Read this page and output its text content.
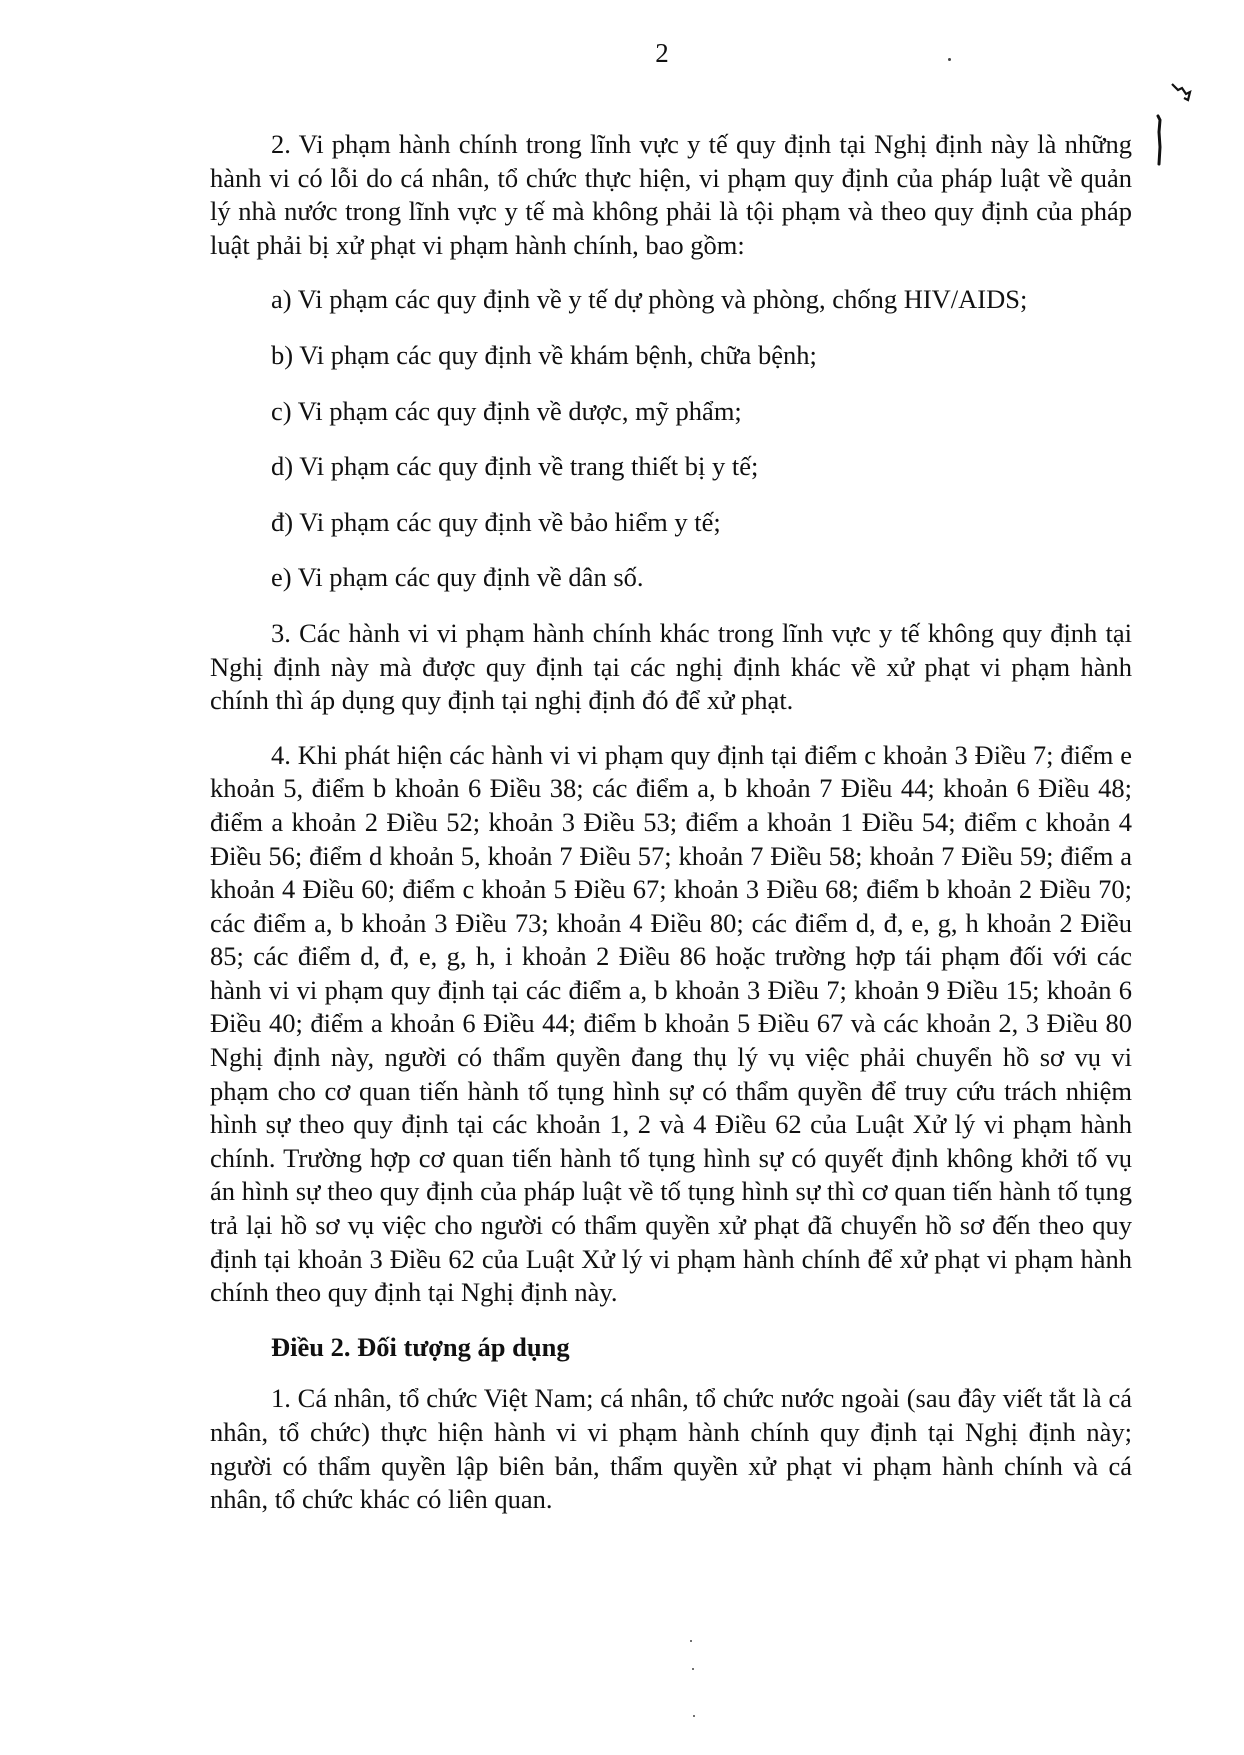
2

2. Vi phạm hành chính trong lĩnh vực y tế quy định tại Nghị định này là những hành vi có lỗi do cá nhân, tổ chức thực hiện, vi phạm quy định của pháp luật về quản lý nhà nước trong lĩnh vực y tế mà không phải là tội phạm và theo quy định của pháp luật phải bị xử phạt vi phạm hành chính, bao gồm:

a) Vi phạm các quy định về y tế dự phòng và phòng, chống HIV/AIDS;
b) Vi phạm các quy định về khám bệnh, chữa bệnh;
c) Vi phạm các quy định về dược, mỹ phẩm;
d) Vi phạm các quy định về trang thiết bị y tế;
đ) Vi phạm các quy định về bảo hiểm y tế;
e) Vi phạm các quy định về dân số.

3. Các hành vi vi phạm hành chính khác trong lĩnh vực y tế không quy định tại Nghị định này mà được quy định tại các nghị định khác về xử phạt vi phạm hành chính thì áp dụng quy định tại nghị định đó để xử phạt.

4. Khi phát hiện các hành vi vi phạm quy định tại điểm c khoản 3 Điều 7; điểm e khoản 5, điểm b khoản 6 Điều 38; các điểm a, b khoản 7 Điều 44; khoản 6 Điều 48; điểm a khoản 2 Điều 52; khoản 3 Điều 53; điểm a khoản 1 Điều 54; điểm c khoản 4 Điều 56; điểm d khoản 5, khoản 7 Điều 57; khoản 7 Điều 58; khoản 7 Điều 59; điểm a khoản 4 Điều 60; điểm c khoản 5 Điều 67; khoản 3 Điều 68; điểm b khoản 2 Điều 70; các điểm a, b khoản 3 Điều 73; khoản 4 Điều 80; các điểm d, đ, e, g, h khoản 2 Điều 85; các điểm d, đ, e, g, h, i khoản 2 Điều 86 hoặc trường hợp tái phạm đối với các hành vi vi phạm quy định tại các điểm a, b khoản 3 Điều 7; khoản 9 Điều 15; khoản 6 Điều 40; điểm a khoản 6 Điều 44; điểm b khoản 5 Điều 67 và các khoản 2, 3 Điều 80 Nghị định này, người có thẩm quyền đang thụ lý vụ việc phải chuyển hồ sơ vụ vi phạm cho cơ quan tiến hành tố tụng hình sự có thẩm quyền để truy cứu trách nhiệm hình sự theo quy định tại các khoản 1, 2 và 4 Điều 62 của Luật Xử lý vi phạm hành chính. Trường hợp cơ quan tiến hành tố tụng hình sự có quyết định không khởi tố vụ án hình sự theo quy định của pháp luật về tố tụng hình sự thì cơ quan tiến hành tố tụng trả lại hồ sơ vụ việc cho người có thẩm quyền xử phạt đã chuyển hồ sơ đến theo quy định tại khoản 3 Điều 62 của Luật Xử lý vi phạm hành chính để xử phạt vi phạm hành chính theo quy định tại Nghị định này.

Điều 2. Đối tượng áp dụng

1. Cá nhân, tổ chức Việt Nam; cá nhân, tổ chức nước ngoài (sau đây viết tắt là cá nhân, tổ chức) thực hiện hành vi vi phạm hành chính quy định tại Nghị định này; người có thẩm quyền lập biên bản, thẩm quyền xử phạt vi phạm hành chính và cá nhân, tổ chức khác có liên quan.
